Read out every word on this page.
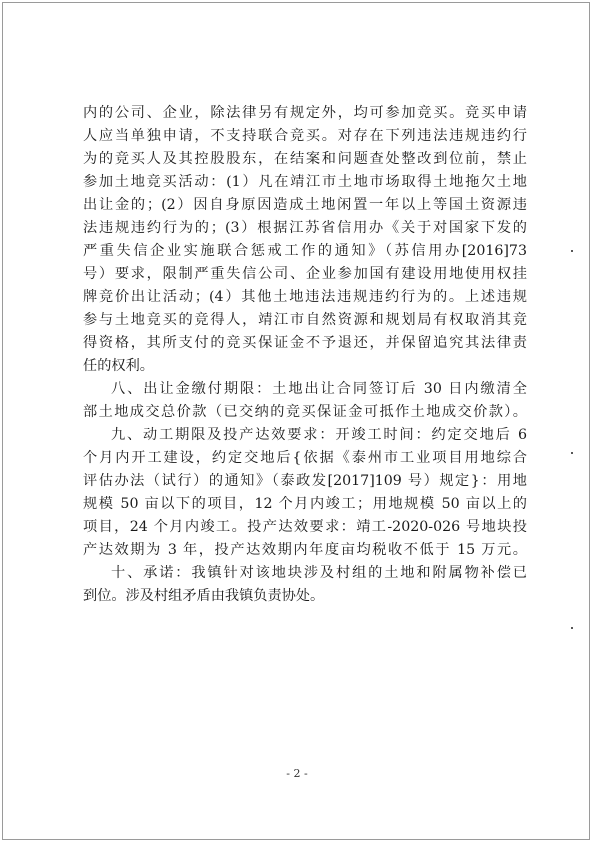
内的公司、企业，除法律另有规定外，均可参加竞买。竞买申请
人应当单独申请，不支持联合竞买。对存在下列违法违规违约行
为的竞买人及其控股股东，在结案和问题查处整改到位前，禁止
参加土地竞买活动：(1）凡在靖江市土地市场取得土地拖欠土地
出让金的；(2）因自身原因造成土地闲置一年以上等国土资源违
法违规违约行为的；(3）根据江苏省信用办《关于对国家下发的
严重失信企业实施联合惩戒工作的通知》（苏信用办[2016]73
号）要求，限制严重失信公司、企业参加国有建设用地使用权挂
牌竞价出让活动；(4）其他土地违法违规违约行为的。上述违规
参与土地竞买的竞得人，靖江市自然资源和规划局有权取消其竞
得资格，其所支付的竞买保证金不予退还，并保留追究其法律责
任的权利。
八、出让金缴付期限：土地出让合同签订后 30 日内缴清全
部土地成交总价款（已交纳的竞买保证金可抵作土地成交价款）。
九、动工期限及投产达效要求：开竣工时间：约定交地后 6
个月内开工建设，约定交地后{依据《泰州市工业项目用地综合
评估办法（试行）的通知》（泰政发[2017]109 号）规定}：用地
规模 50 亩以下的项目，12 个月内竣工；用地规模 50 亩以上的
项目，24 个月内竣工。投产达效要求：靖工-2020-026 号地块投
产达效期为 3 年，投产达效期内年度亩均税收不低于 15 万元。
十、承诺：我镇针对该地块涉及村组的土地和附属物补偿已
到位。涉及村组矛盾由我镇负责协处。
- 2 -
